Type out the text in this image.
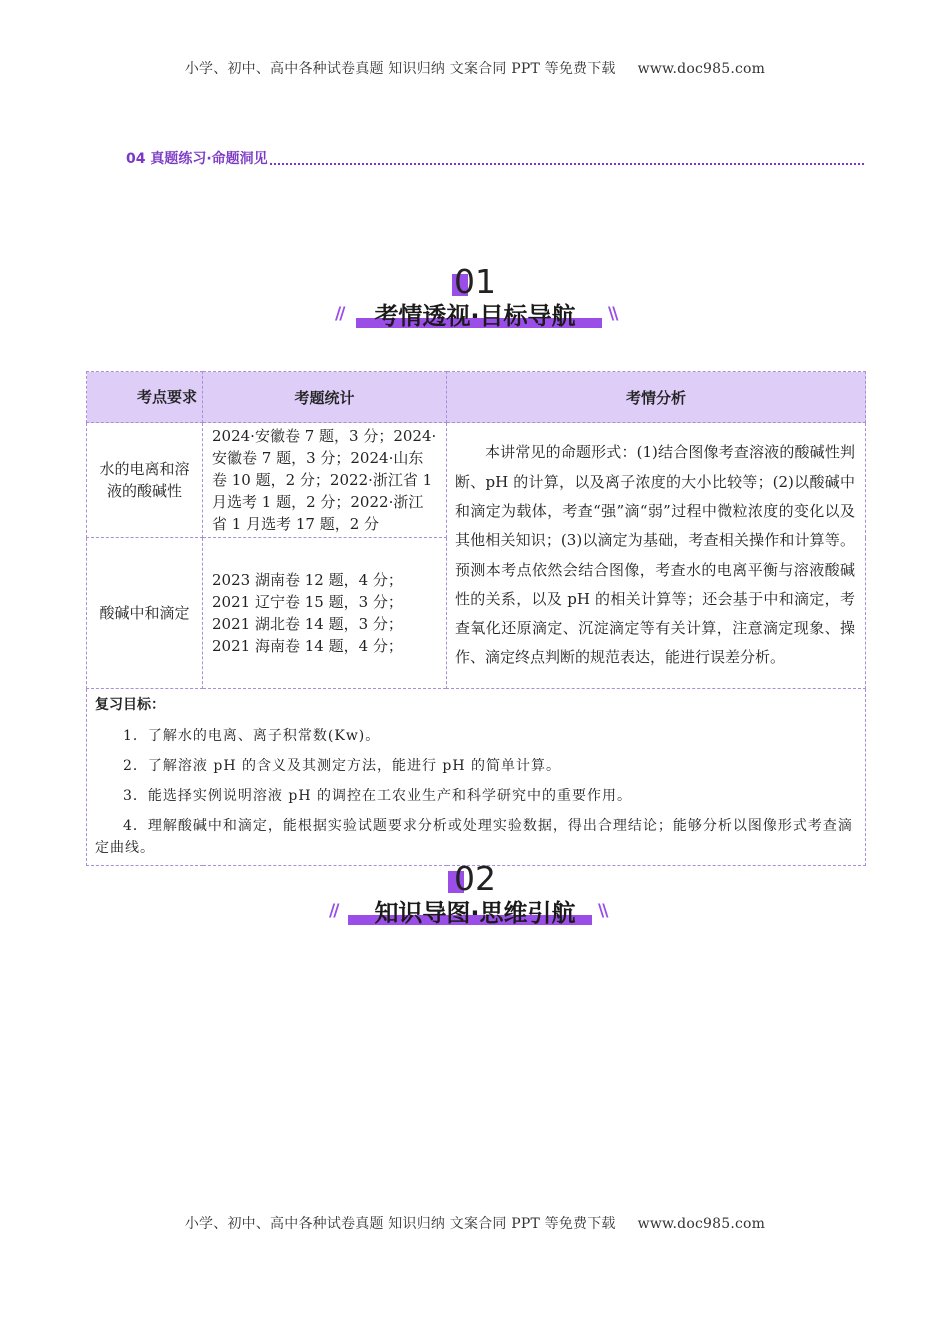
小学、初中、高中各种试卷真题 知识归纳 文案合同 PPT 等免费下载 www.doc985.com
04 真题练习·命题洞见
01
//	考情透视·目标导航	\\
考点要求	考题统计	考情分析
水的电离和溶液的酸碱性	2024·安徽卷 7 题，3 分；2024·安徽卷 7 题，3 分；2024·山东卷 10 题，2 分；2022·浙江省 1 月选考 1 题，2 分；2022·浙江省 1 月选考 17 题，2 分	本讲常见的命题形式：(1)结合图像考查溶液的酸碱性判断、pH 的计算，以及离子浓度的大小比较等；(2)以酸碱中和滴定为载体，考查“强”滴“弱”过程中微粒浓度的变化以及其他相关知识；(3)以滴定为基础，考查相关操作和计算等。预测本考点依然会结合图像，考查水的电离平衡与溶液酸碱性的关系，以及 pH 的相关计算等；还会基于中和滴定，考查氧化还原滴定、沉淀滴定等有关计算，注意滴定现象、操作、滴定终点判断的规范表达，能进行误差分析。
酸碱中和滴定	2023 湖南卷 12 题，4 分；2021 辽宁卷 15 题，3 分；2021 湖北卷 14 题，3 分；2021 海南卷 14 题，4 分；	

复习目标：
1．了解水的电离、离子积常数(Kw)。
2．了解溶液 pH 的含义及其测定方法，能进行 pH 的简单计算。
3．能选择实例说明溶液 pH 的调控在工农业生产和科学研究中的重要作用。
4．理解酸碱中和滴定，能根据实验试题要求分析或处理实验数据，得出合理结论；能够分析以图像形式考查滴定曲线。		
02
//	知识导图·思维引航	\\
小学、初中、高中各种试卷真题 知识归纳 文案合同 PPT 等免费下载 www.doc985.com
